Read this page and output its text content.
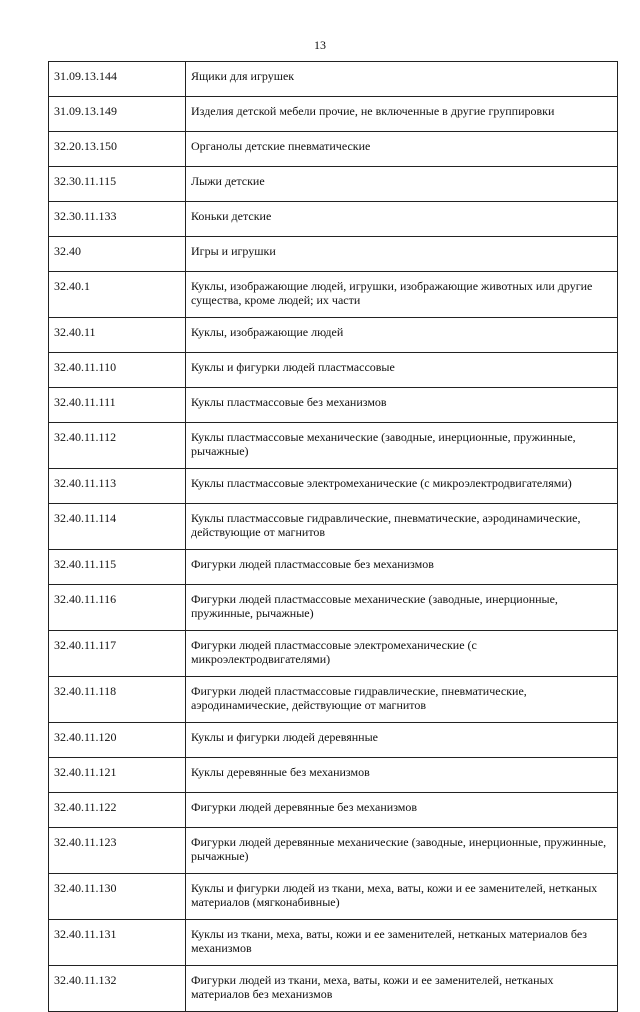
13
31.09.13.144	Ящики для игрушек
31.09.13.149	Изделия детской мебели прочие, не включенные в другие группировки
32.20.13.150	Органолы детские пневматические
32.30.11.115	Лыжи детские
32.30.11.133	Коньки детские
32.40	Игры и игрушки
32.40.1	Куклы, изображающие людей, игрушки, изображающие животных или другие существа, кроме людей; их части
32.40.11	Куклы, изображающие людей
32.40.11.110	Куклы и фигурки людей пластмассовые
32.40.11.111	Куклы пластмассовые без механизмов
32.40.11.112	Куклы пластмассовые механические (заводные, инерционные, пружинные, рычажные)
32.40.11.113	Куклы пластмассовые электромеханические (с микроэлектродвигателями)
32.40.11.114	Куклы пластмассовые гидравлические, пневматические, аэродинамические, действующие от магнитов
32.40.11.115	Фигурки людей пластмассовые без механизмов
32.40.11.116	Фигурки людей пластмассовые механические (заводные, инерционные, пружинные, рычажные)
32.40.11.117	Фигурки людей пластмассовые электромеханические (с микроэлектродвигателями)
32.40.11.118	Фигурки людей пластмассовые гидравлические, пневматические, аэродинамические, действующие от магнитов
32.40.11.120	Куклы и фигурки людей деревянные
32.40.11.121	Куклы деревянные без механизмов
32.40.11.122	Фигурки людей деревянные без механизмов
32.40.11.123	Фигурки людей деревянные механические (заводные, инерционные, пружинные, рычажные)
32.40.11.130	Куклы и фигурки людей из ткани, меха, ваты, кожи и ее заменителей, нетканых материалов (мягконабивные)
32.40.11.131	Куклы из ткани, меха, ваты, кожи и ее заменителей, нетканых материалов без механизмов
32.40.11.132	Фигурки людей из ткани, меха, ваты, кожи и ее заменителей, нетканых материалов без механизмов
